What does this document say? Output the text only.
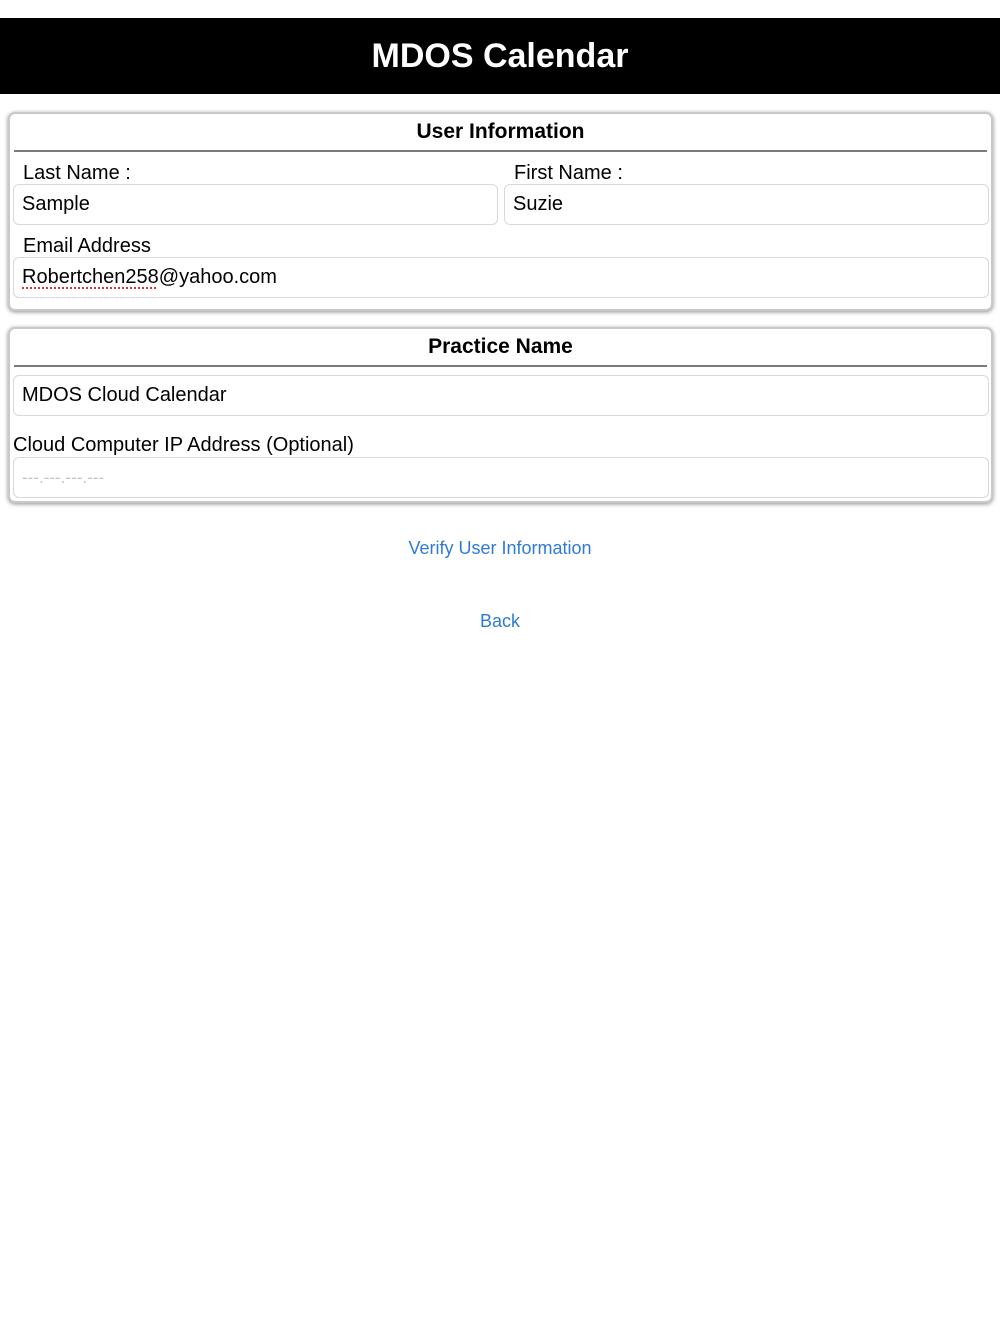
MDOS Calendar
User Information
Last Name :
Sample
First Name :
Suzie
Email Address
Robertchen258@yahoo.com
Practice Name
MDOS Cloud Calendar
Cloud Computer IP Address (Optional)
---.---.---.---
Verify User Information
Back
